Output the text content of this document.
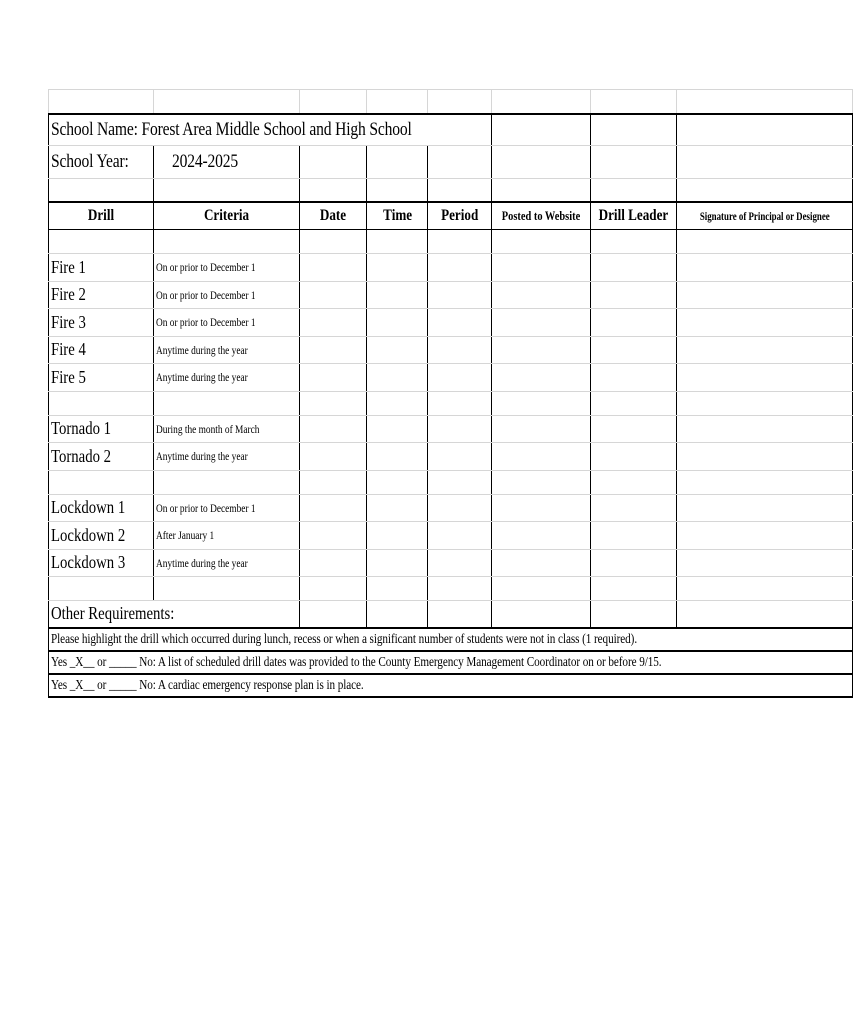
School Name: Forest Area Middle School and High School							
School Year:	2024-2025						

Drill	Criteria	Date	Time	Period	Posted to Website	Drill Leader	Signature of Principal or Designee

Fire 1	On or prior to December 1						
Fire 2	On or prior to December 1						
Fire 3	On or prior to December 1						
Fire 4	Anytime during the year						
Fire 5	Anytime during the year						

Tornado 1	During the month of March						
Tornado 2	Anytime during the year						

Lockdown 1	On or prior to December 1						
Lockdown 2	After January 1						
Lockdown 3	Anytime during the year						

Other Requirements:							
Please highlight the drill which occurred during lunch, recess or when a significant number of students were not in class (1 required).							
Yes _X__ or _____ No: A list of scheduled drill dates was provided to the County Emergency Management Coordinator on or before 9/15.							
Yes _X__ or _____ No: A cardiac emergency response plan is in place.							
